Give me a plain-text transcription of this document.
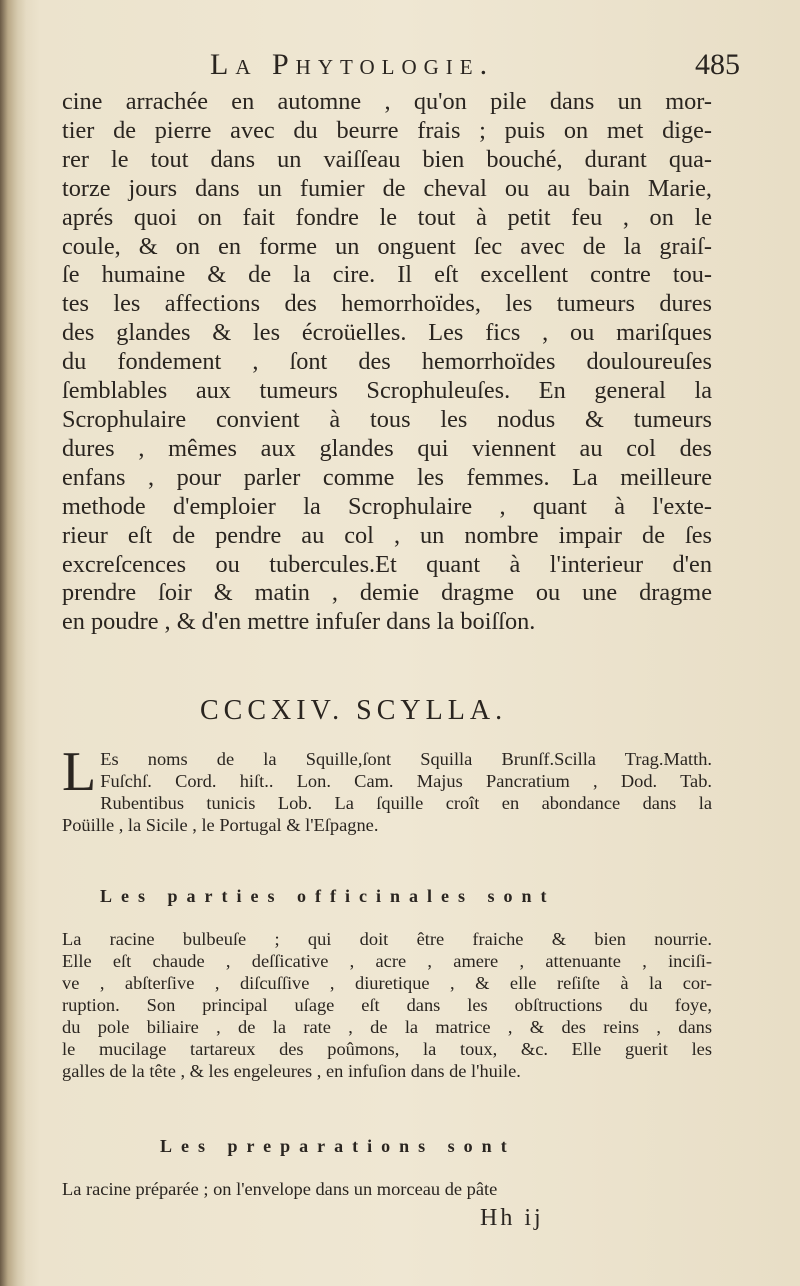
La Phytologie.	485
cine arrachée en automne , qu'on pile dans un mor-
tier de pierre avec du beurre frais ; puis on met dige-
rer le tout dans un vaiſſeau bien bouché, durant qua-
torze jours dans un fumier de cheval ou au bain Marie,
aprés quoi on fait fondre le tout à petit feu , on le
coule, & on en forme un onguent ſec avec de la graiſ-
ſe humaine & de la cire. Il eſt excellent contre tou-
tes les affections des hemorrhoïdes, les tumeurs dures
des glandes & les écroüelles. Les fics , ou mariſques
du fondement , ſont des hemorrhoïdes douloureuſes
ſemblables aux tumeurs Scrophuleuſes. En general la
Scrophulaire convient à tous les nodus & tumeurs
dures , mêmes aux glandes qui viennent au col des
enfans , pour parler comme les femmes. La meilleure
methode d'emploier la Scrophulaire , quant à l'exte-
rieur eſt de pendre au col , un nombre impair de ſes
excreſcences ou tubercules.Et quant à l'interieur d'en
prendre ſoir & matin , demie dragme ou une dragme
en poudre , & d'en mettre infuſer dans la boiſſon.
CCCXIV. SCYLLA.
L Es noms de la Squille,ſont Squilla Brunſf.Scilla Trag.Matth.
Fuſchſ. Cord. hiſt.. Lon. Cam. Majus Pancratium , Dod. Tab.
Rubentibus tunicis Lob. La ſquille croît en abondance dans la
Poüille , la Sicile , le Portugal & l'Eſpagne.
Les parties officinales sont
La racine bulbeuſe ; qui doit être fraiche & bien nourrie.
Elle eſt chaude , deſſicative , acre , amere , attenuante , inciſi-
ve , abſterſive , diſcuſſive , diuretique , & elle reſiſte à la cor-
ruption. Son principal uſage eſt dans les obſtructions du foye,
du pole biliaire , de la rate , de la matrice , & des reins , dans
le mucilage tartareux des poûmons, la toux, &c. Elle guerit les
galles de la tête , & les engeleures , en infuſion dans de l'huile.
Les preparations sont
La racine préparée ; on l'envelope dans un morceau de pâte
Hh ij
